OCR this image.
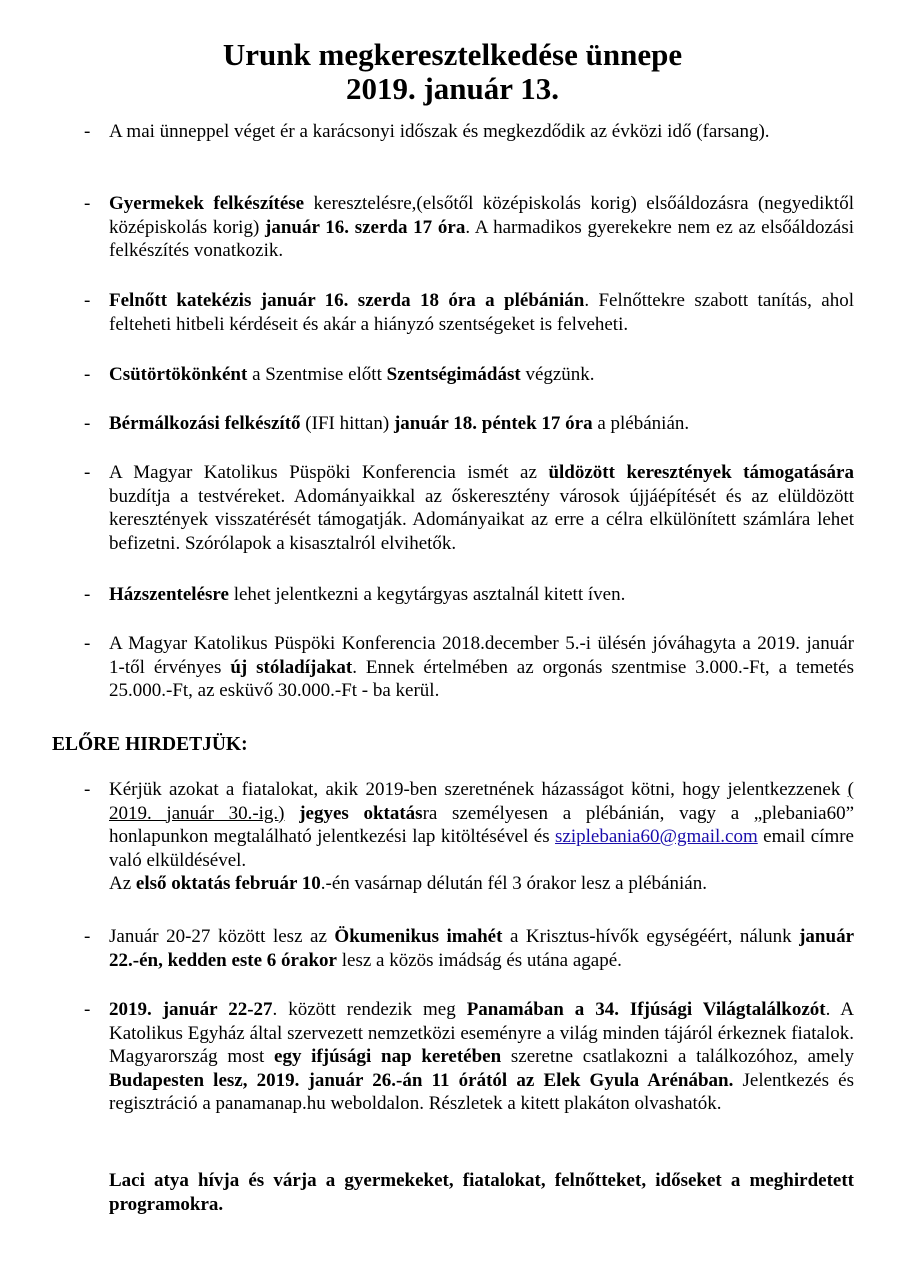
Urunk megkeresztelkedése ünnepe
2019. január 13.
- A mai ünneppel véget ér a karácsonyi időszak és megkezdődik az évközi idő (farsang).
- Gyermekek felkészítése keresztelésre,(elsőtől középiskolás korig) elsőáldozásra (negyediktől középiskolás korig) január 16. szerda 17 óra. A harmadikos gyerekekre nem ez az elsőáldozási felkészítés vonatkozik.
- Felnőtt katekézis január 16. szerda 18 óra a plébánián. Felnőttekre szabott tanítás, ahol felteheti hitbeli kérdéseit és akár a hiányzó szentségeket is felveheti.
- Csütörtökönként a Szentmise előtt Szentségimádást végzünk.
- Bérmálkozási felkészítő (IFI hittan) január 18. péntek 17 óra a plébánián.
- A Magyar Katolikus Püspöki Konferencia ismét az üldözött keresztények támogatására buzdítja a testvéreket. Adományaikkal az őskeresztény városok újjáépítését és az elüldözött keresztények visszatérését támogatják. Adományaikat az erre a célra elkülönített számlára lehet befizetni. Szórólapok a kisasztalról elvihetők.
- Házszentelésre lehet jelentkezni a kegytárgyas asztalnál kitett íven.
- A Magyar Katolikus Püspöki Konferencia 2018.december 5.-i ülésén jóváhagyta a 2019. január 1-től érvényes új stóladíjakat. Ennek értelmében az orgonás szentmise 3.000.-Ft, a temetés 25.000.-Ft, az esküvő 30.000.-Ft - ba kerül.
ELŐRE HIRDETJÜK:
- Kérjük azokat a fiatalokat, akik 2019-ben szeretnének házasságot kötni, hogy jelentkezzenek ( 2019. január 30.-ig.) jegyes oktatásra személyesen a plébánián, vagy a „plebania60” honlapunkon megtalálható jelentkezési lap kitöltésével és sziplebania60@gmail.com email címre való elküldésével.
Az első oktatás február 10.-én vasárnap délután fél 3 órakor lesz a plébánián.
- Január 20-27 között lesz az Ökumenikus imahét a Krisztus-hívők egységéért, nálunk január 22.-én, kedden este 6 órakor lesz a közös imádság és utána agapé.
- 2019. január 22-27. között rendezik meg Panamában a 34. Ifjúsági Világtalálkozót. A Katolikus Egyház által szervezett nemzetközi eseményre a világ minden tájáról érkeznek fiatalok. Magyarország most egy ifjúsági nap keretében szeretne csatlakozni a találkozóhoz, amely Budapesten lesz, 2019. január 26.-án 11 órától az Elek Gyula Arénában. Jelentkezés és regisztráció a panamanap.hu weboldalon. Részletek a kitett plakáton olvashatók.
Laci atya hívja és várja a gyermekeket, fiatalokat, felnőtteket, időseket a meghirdetett programokra.
